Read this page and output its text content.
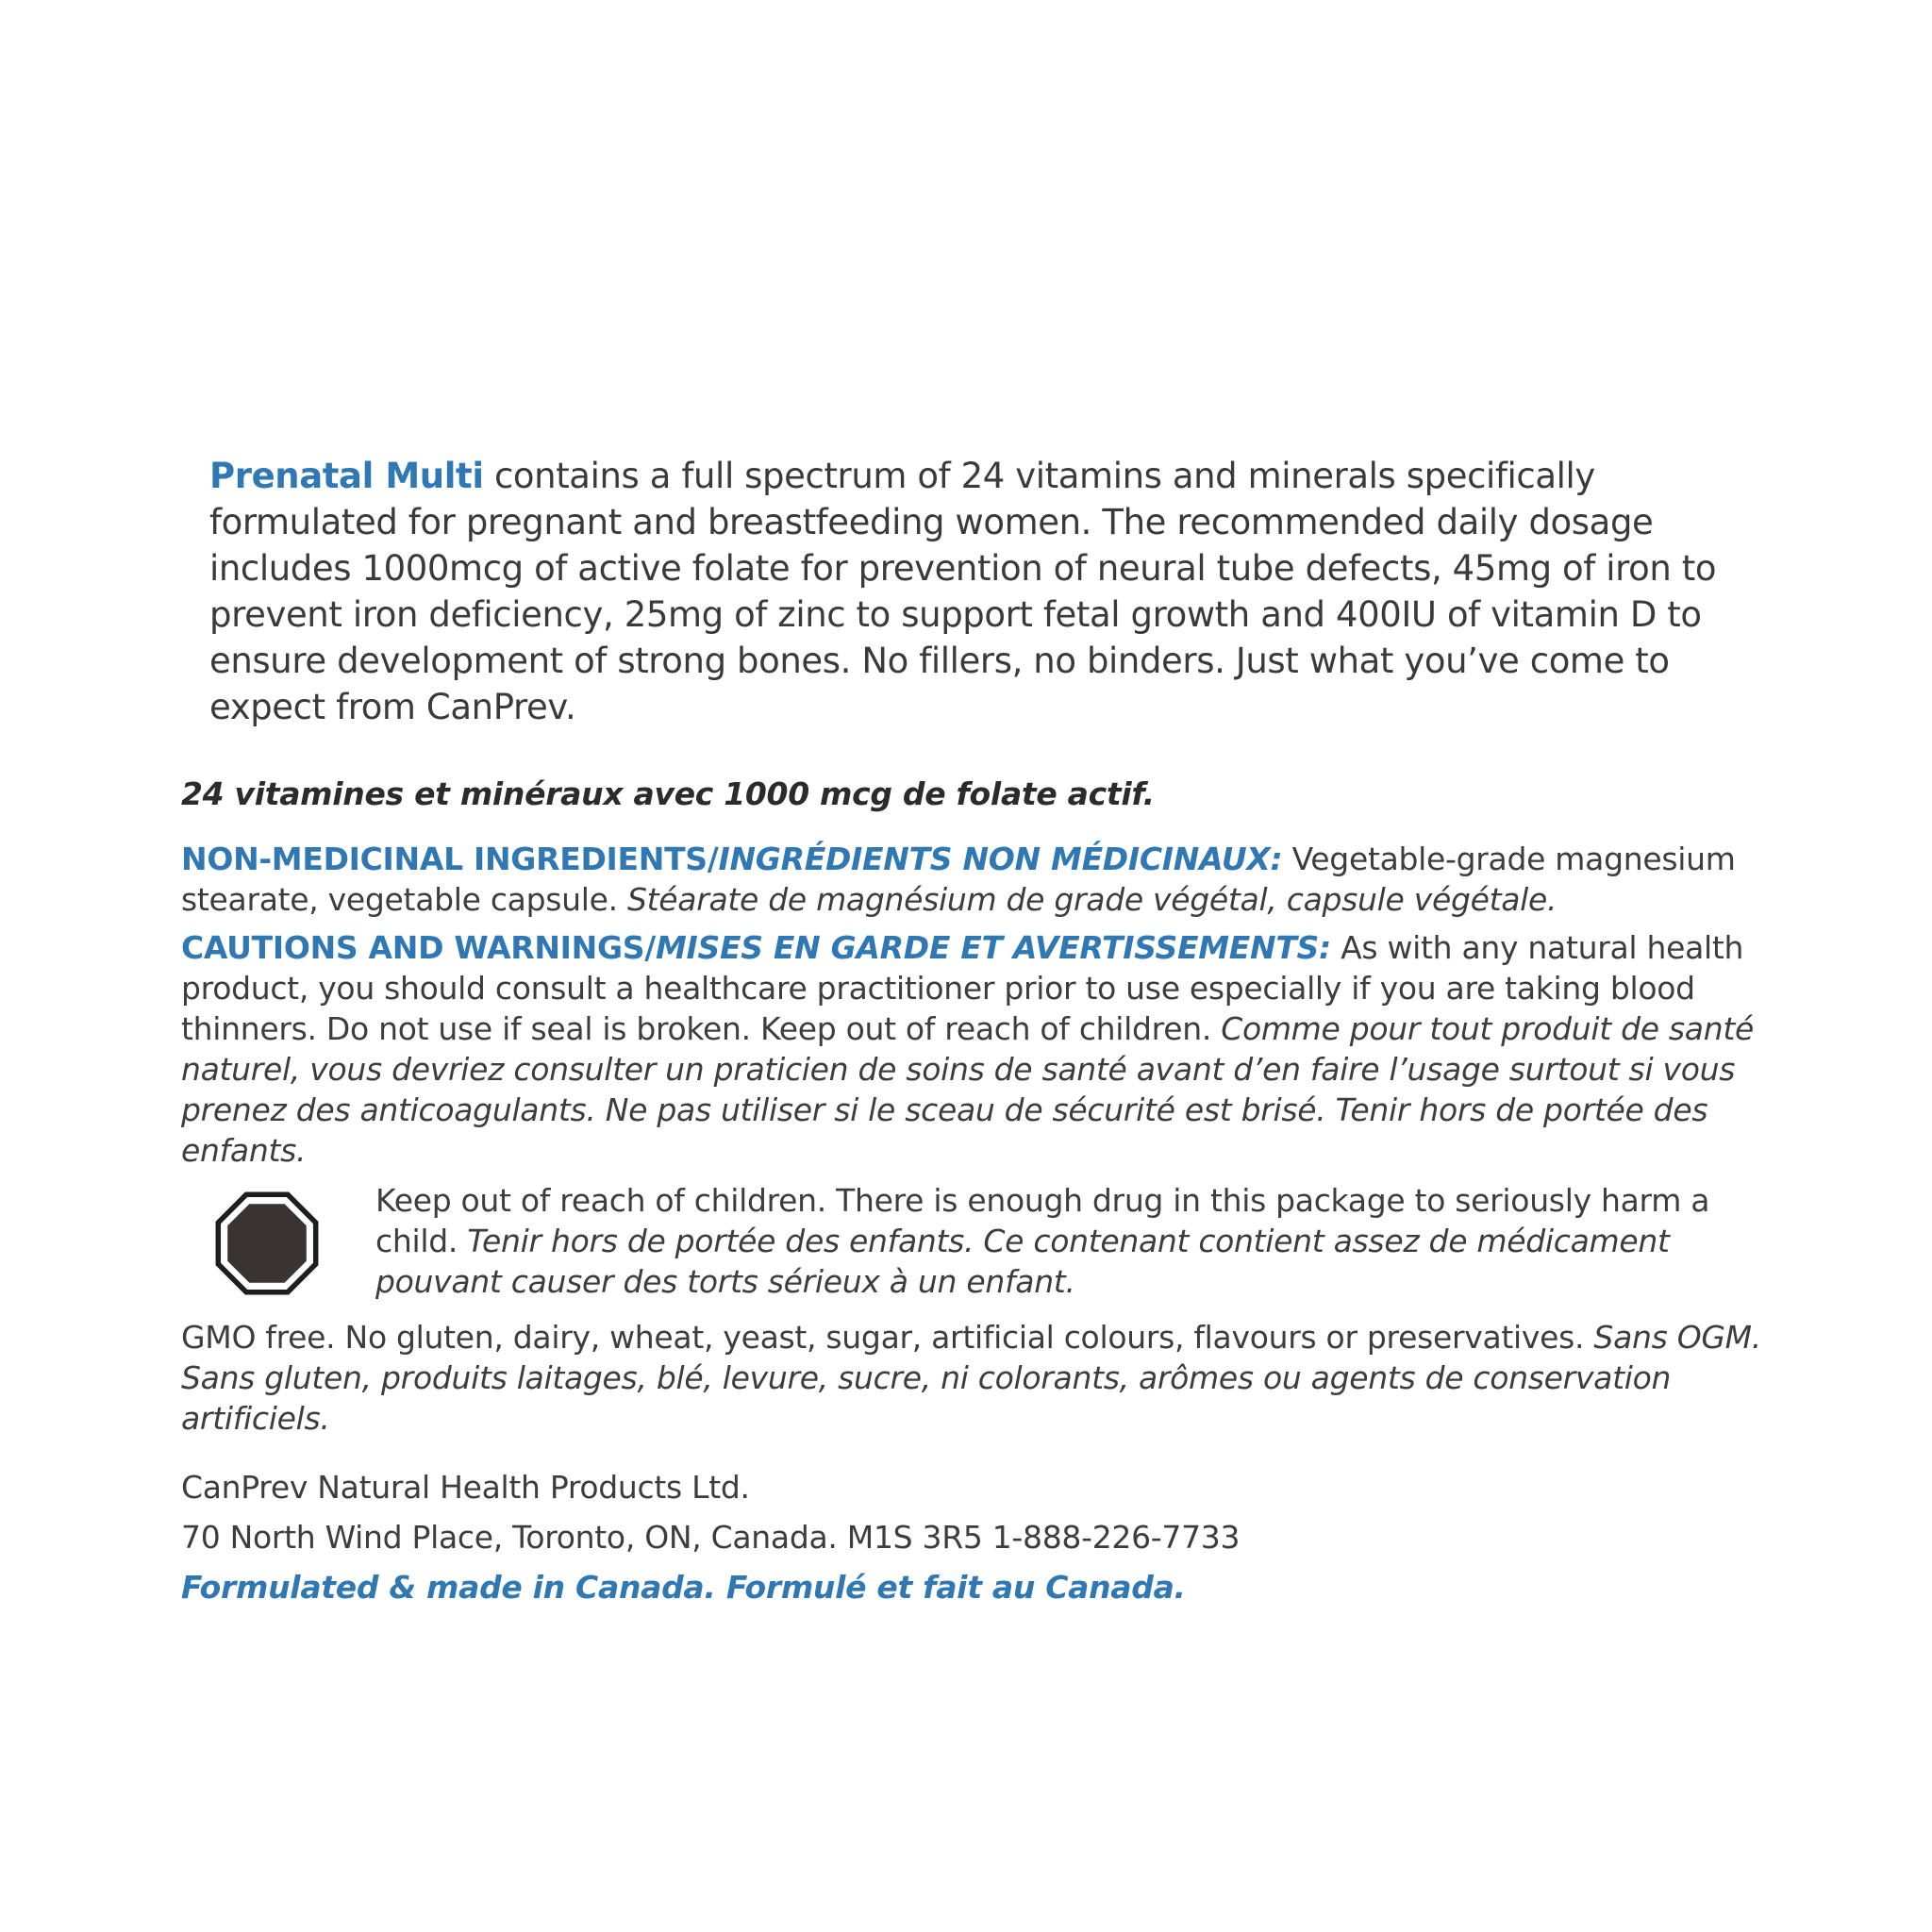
Prenatal Multi contains a full spectrum of 24 vitamins and minerals specifically formulated for pregnant and breastfeeding women. The recommended daily dosage includes 1000mcg of active folate for prevention of neural tube defects, 45mg of iron to prevent iron deficiency, 25mg of zinc to support fetal growth and 400IU of vitamin D to ensure development of strong bones. No fillers, no binders. Just what you’ve come to expect from CanPrev.

24 vitamines et minéraux avec 1000 mcg de folate actif.

NON-MEDICINAL INGREDIENTS/INGRÉDIENTS NON MÉDICINAUX: Vegetable-grade magnesium stearate, vegetable capsule. Stéarate de magnésium de grade végétal, capsule végétale.

CAUTIONS AND WARNINGS/MISES EN GARDE ET AVERTISSEMENTS: As with any natural health product, you should consult a healthcare practitioner prior to use especially if you are taking blood thinners. Do not use if seal is broken. Keep out of reach of children. Comme pour tout produit de santé naturel, vous devriez consulter un praticien de soins de santé avant d’en faire l’usage surtout si vous prenez des anticoagulants. Ne pas utiliser si le sceau de sécurité est brisé. Tenir hors de portée des enfants.

Keep out of reach of children. There is enough drug in this package to seriously harm a child. Tenir hors de portée des enfants. Ce contenant contient assez de médicament pouvant causer des torts sérieux à un enfant.

GMO free. No gluten, dairy, wheat, yeast, sugar, artificial colours, flavours or preservatives. Sans OGM. Sans gluten, produits laitages, blé, levure, sucre, ni colorants, arômes ou agents de conservation artificiels.

CanPrev Natural Health Products Ltd.

70 North Wind Place, Toronto, ON, Canada. M1S 3R5 1-888-226-7733

Formulated & made in Canada. Formulé et fait au Canada.
